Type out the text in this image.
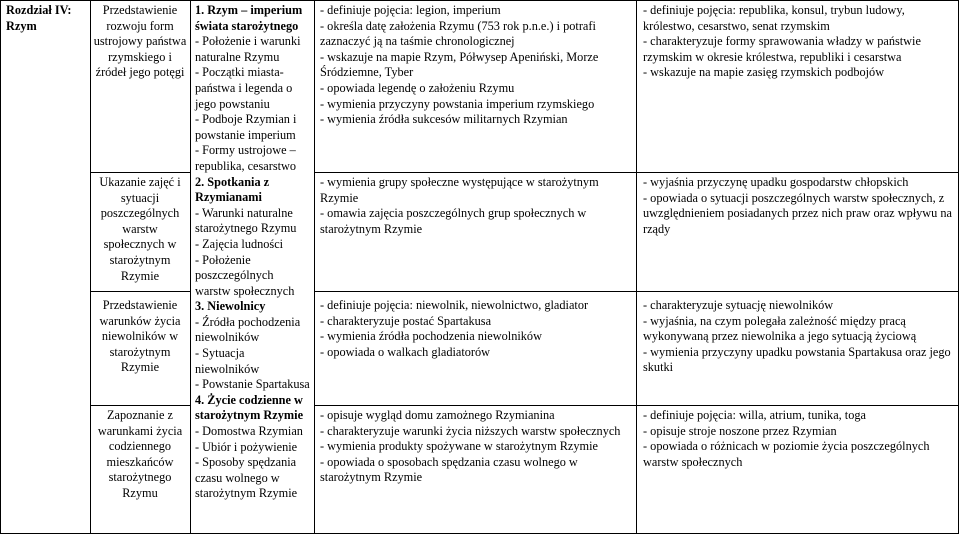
Rozdział IV: Rzym
Przedstawienie rozwoju form ustrojowy państwa rzymskiego i źródeł jego potęgi
Ukazanie zajęć i sytuacji poszczególnych warstw społecznych w starożytnym Rzymie
Przedstawienie warunków życia niewolników w starożytnym Rzymie
Zapoznanie z warunkami życia codziennego mieszkańców starożytnego Rzymu

1. Rzym – imperium świata starożytnego

- Położenie i warunki naturalne Rzymu

- Początki miasta-państwa i legenda o jego powstaniu

- Podboje Rzymian i powstanie imperium

- Formy ustrojowe – republika, cesarstwo

2. Spotkania z Rzymianami

- Warunki naturalne starożytnego Rzymu

- Zajęcia ludności

- Położenie poszczególnych warstw społecznych

3. Niewolnicy

- Źródła pochodzenia niewolników

- Sytuacja niewolników

- Powstanie Spartakusa

4. Życie codzienne w starożytnym Rzymie

- Domostwa Rzymian

- Ubiór i pożywienie

- Sposoby spędzania czasu wolnego w starożytnym Rzymie

- definiuje pojęcia: legion, imperium
- określa datę założenia Rzymu (753 rok p.n.e.) i potrafi zaznaczyć ją na taśmie chronologicznej
- wskazuje na mapie Rzym, Półwysep Apeniński, Morze Śródziemne, Tyber
- opowiada legendę o założeniu Rzymu
- wymienia przyczyny powstania imperium rzymskiego
- wymienia źródła sukcesów militarnych Rzymian
- wymienia grupy społeczne występujące w starożytnym Rzymie
- omawia zajęcia poszczególnych grup społecznych w starożytnym Rzymie
- definiuje pojęcia: niewolnik, niewolnictwo, gladiator
- charakteryzuje postać Spartakusa
- wymienia źródła pochodzenia niewolników
- opowiada o walkach gladiatorów
- opisuje wygląd domu zamożnego Rzymianina
- charakteryzuje warunki życia niższych warstw społecznych
- wymienia produkty spożywane w starożytnym Rzymie
- opowiada o sposobach spędzania czasu wolnego w starożytnym Rzymie
- definiuje pojęcia: republika, konsul, trybun ludowy, królestwo, cesarstwo, senat rzymskim
- charakteryzuje formy sprawowania władzy w państwie rzymskim w okresie królestwa, republiki i cesarstwa
- wskazuje na mapie zasięg rzymskich podbojów
- wyjaśnia przyczynę upadku gospodarstw chłopskich
- opowiada o sytuacji poszczególnych warstw społecznych, z uwzględnieniem posiadanych przez nich praw oraz wpływu na rządy
- charakteryzuje sytuację niewolników
- wyjaśnia, na czym polegała zależność między pracą wykonywaną przez niewolnika a jego sytuacją życiową
- wymienia przyczyny upadku powstania Spartakusa oraz jego skutki
- definiuje pojęcia: willa, atrium, tunika, toga
- opisuje stroje noszone przez Rzymian
- opowiada o różnicach w poziomie życia poszczególnych warstw społecznych
